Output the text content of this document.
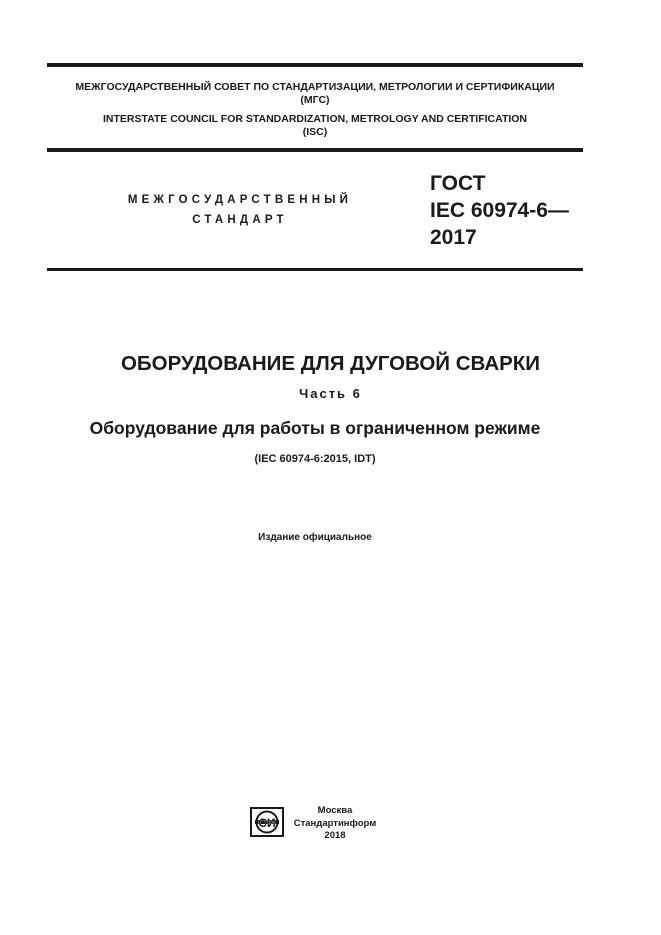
МЕЖГОСУДАРСТВЕННЫЙ СОВЕТ ПО СТАНДАРТИЗАЦИИ, МЕТРОЛОГИИ И СЕРТИФИКАЦИИ
(МГС)
INTERSTATE COUNCIL FOR STANDARDIZATION, METROLOGY AND CERTIFICATION
(ISC)
МЕЖГОСУДАРСТВЕННЫЙ
СТАНДАРТ
ГОСТ
IEC 60974-6—
2017
ОБОРУДОВАНИЕ ДЛЯ ДУГОВОЙ СВАРКИ
Часть 6
Оборудование для работы в ограниченном режиме
(IEC 60974-6:2015, IDT)
Издание официальное
СИ
Москва
Стандартинформ
2018
